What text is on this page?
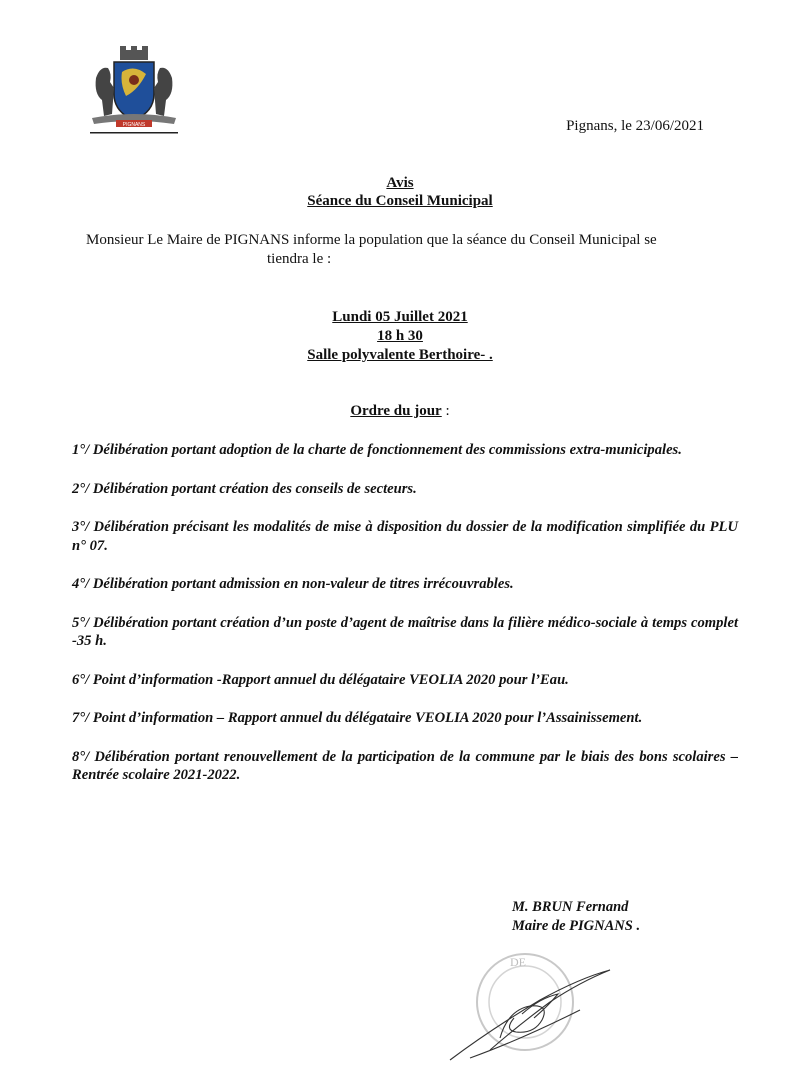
PIGNANS	Pignans, le 23/06/2021
Avis
Séance du Conseil Municipal
Monsieur Le Maire de PIGNANS informe la population que la séance du Conseil Municipal se
tiendra le :
Lundi 05 Juillet 2021
18 h 30
Salle polyvalente Berthoire- .
Ordre du jour :

1°/ Délibération portant adoption de la charte de fonctionnement des commissions extra-municipales.

2°/ Délibération portant création des conseils de secteurs.

3°/ Délibération précisant les modalités de mise à disposition du dossier de la modification simplifiée du PLU n° 07.

4°/ Délibération portant admission en non-valeur de titres irrécouvrables.

5°/ Délibération portant création d’un poste d’agent de maîtrise dans la filière médico-sociale à temps complet -35 h.

6°/ Point d’information -Rapport annuel du délégataire VEOLIA 2020 pour l’Eau.

7°/ Point d’information – Rapport annuel du délégataire VEOLIA 2020 pour l’Assainissement.

8°/ Délibération portant renouvellement de la participation de la commune par le biais des bons scolaires – Rentrée scolaire 2021-2022.

M. BRUN Fernand
Maire de PIGNANS .
DE
